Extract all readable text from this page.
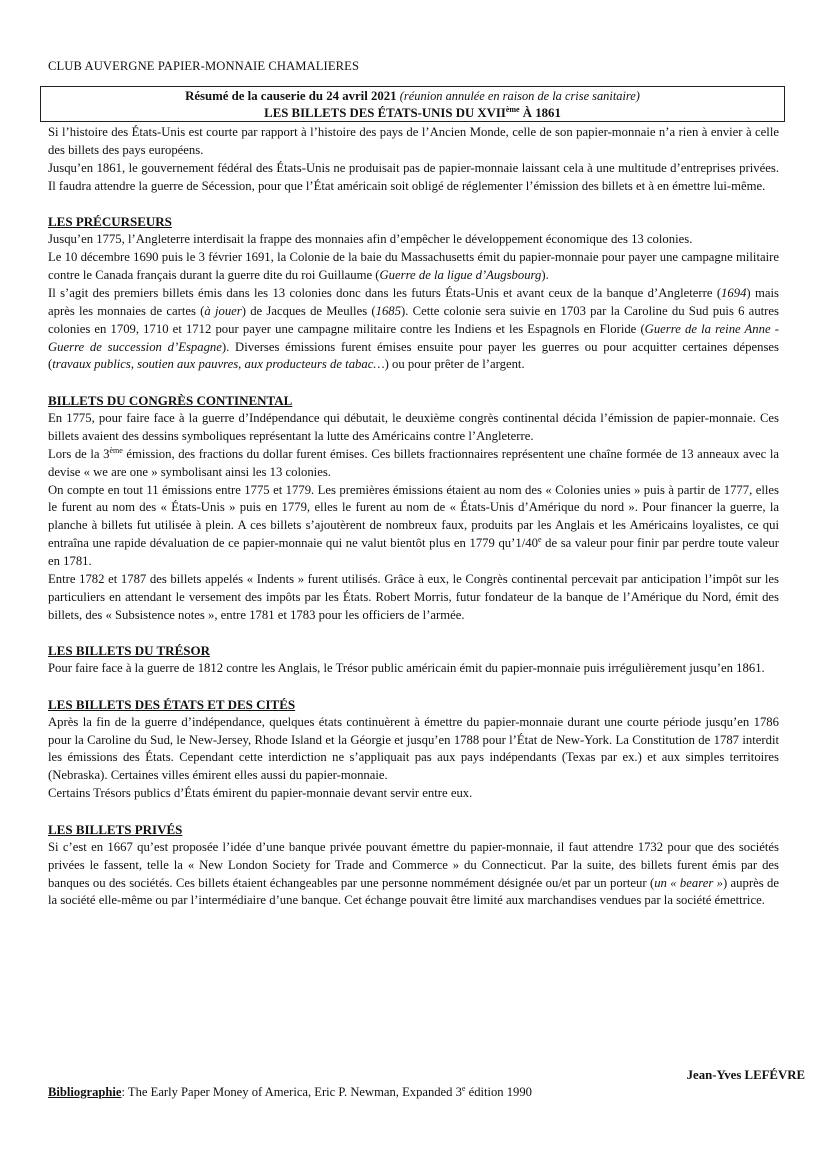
CLUB AUVERGNE PAPIER-MONNAIE CHAMALIERES
Résumé de la causerie du 24 avril 2021 (réunion annulée en raison de la crise sanitaire)
LES BILLETS DES ÉTATS-UNIS DU XVIIème À 1861

Si l’histoire des États-Unis est courte par rapport à l’histoire des pays de l’Ancien Monde, celle de son papier-monnaie n’a rien à envier à celle des billets des pays européens.

Jusqu’en 1861, le gouvernement fédéral des États-Unis ne produisait pas de papier-monnaie laissant cela à une multitude d’entreprises privées. Il faudra attendre la guerre de Sécession, pour que l’État américain soit obligé de réglementer l’émission des billets et à en émettre lui-même.

LES PRÉCURSEURS

Jusqu’en 1775, l’Angleterre interdisait la frappe des monnaies afin d’empêcher le développement économique des 13 colonies.

Le 10 décembre 1690 puis le 3 février 1691, la Colonie de la baie du Massachusetts émit du papier-monnaie pour payer une campagne militaire contre le Canada français durant la guerre dite du roi Guillaume (Guerre de la ligue d’Augsbourg).

Il s’agit des premiers billets émis dans les 13 colonies donc dans les futurs États-Unis et avant ceux de la banque d’Angleterre (1694) mais après les monnaies de cartes (à jouer) de Jacques de Meulles (1685). Cette colonie sera suivie en 1703 par la Caroline du Sud puis 6 autres colonies en 1709, 1710 et 1712 pour payer une campagne militaire contre les Indiens et les Espagnols en Floride (Guerre de la reine Anne - Guerre de succession d’Espagne). Diverses émissions furent émises ensuite pour payer les guerres ou pour acquitter certaines dépenses (travaux publics, soutien aux pauvres, aux producteurs de tabac…) ou pour prêter de l’argent.

BILLETS DU CONGRÈS CONTINENTAL

En 1775, pour faire face à la guerre d’Indépendance qui débutait, le deuxième congrès continental décida l’émission de papier-monnaie. Ces billets avaient des dessins symboliques représentant la lutte des Américains contre l’Angleterre.

Lors de la 3ème émission, des fractions du dollar furent émises. Ces billets fractionnaires représentent une chaîne formée de 13 anneaux avec la devise « we are one » symbolisant ainsi les 13 colonies.

On compte en tout 11 émissions entre 1775 et 1779. Les premières émissions étaient au nom des « Colonies unies » puis à partir de 1777, elles le furent au nom des « États-Unis » puis en 1779, elles le furent au nom de « États-Unis d’Amérique du nord ». Pour financer la guerre, la planche à billets fut utilisée à plein. A ces billets s’ajoutèrent de nombreux faux, produits par les Anglais et les Américains loyalistes, ce qui entraîna une rapide dévaluation de ce papier-monnaie qui ne valut bientôt plus en 1779 qu’1/40e de sa valeur pour finir par perdre toute valeur en 1781.

Entre 1782 et 1787 des billets appelés « Indents » furent utilisés. Grâce à eux, le Congrès continental percevait par anticipation l’impôt sur les particuliers en attendant le versement des impôts par les États. Robert Morris, futur fondateur de la banque de l’Amérique du Nord, émit des billets, des « Subsistence notes », entre 1781 et 1783 pour les officiers de l’armée.

LES BILLETS DU TRÉSOR

Pour faire face à la guerre de 1812 contre les Anglais, le Trésor public américain émit du papier-monnaie puis irrégulièrement jusqu’en 1861.

LES BILLETS DES ÉTATS ET DES CITÉS

Après la fin de la guerre d’indépendance, quelques états continuèrent à émettre du papier-monnaie durant une courte période jusqu’en 1786 pour la Caroline du Sud, le New-Jersey, Rhode Island et la Géorgie et jusqu’en 1788 pour l’État de New-York. La Constitution de 1787 interdit les émissions des États. Cependant cette interdiction ne s’appliquait pas aux pays indépendants (Texas par ex.) et aux simples territoires (Nebraska). Certaines villes émirent elles aussi du papier-monnaie.

Certains Trésors publics d’États émirent du papier-monnaie devant servir entre eux.

LES BILLETS PRIVÉS

Si c’est en 1667 qu’est proposée l’idée d’une banque privée pouvant émettre du papier-monnaie, il faut attendre 1732 pour que des sociétés privées le fassent, telle la « New London Society for Trade and Commerce » du Connecticut. Par la suite, des billets furent émis par des banques ou des sociétés. Ces billets étaient échangeables par une personne nommément désignée ou/et par un porteur (un « bearer ») auprès de la société elle-même ou par l’intermédiaire d’une banque. Cet échange pouvait être limité aux marchandises vendues par la société émettrice.

Jean-Yves LEFÉVRE
Bibliographie: The Early Paper Money of America, Eric P. Newman, Expanded 3e édition 1990
